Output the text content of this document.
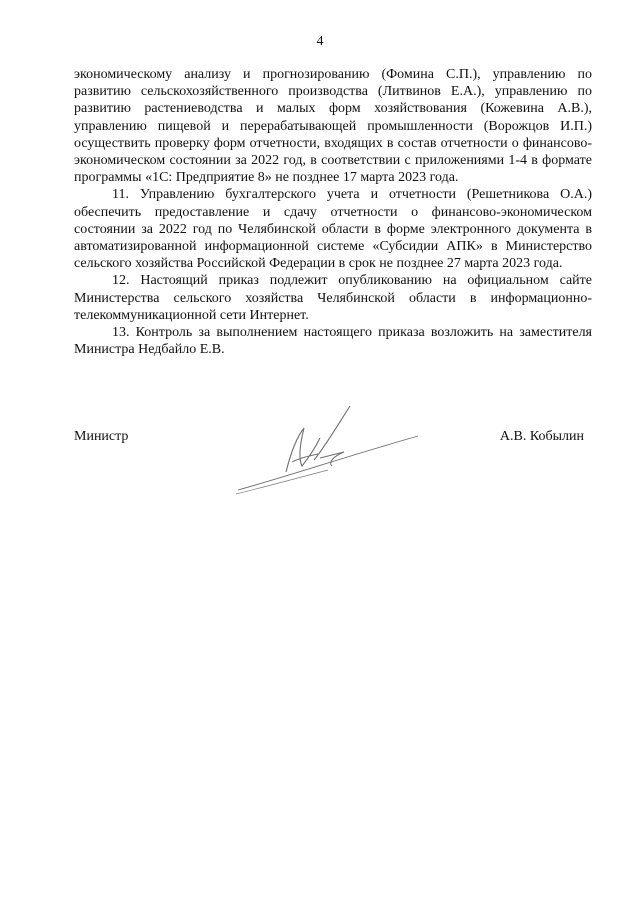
4

экономическому анализу и прогнозированию (Фомина С.П.), управлению по развитию сельскохозяйственного производства (Литвинов Е.А.), управлению по развитию растениеводства и малых форм хозяйствования (Кожевина А.В.), управлению пищевой и перерабатывающей промышленности (Ворожцов И.П.) осуществить проверку форм отчетности, входящих в состав отчетности о финансово-экономическом состоянии за 2022 год, в соответствии с приложениями 1-4 в формате программы «1С: Предприятие 8» не позднее 17 марта 2023 года.

11. Управлению бухгалтерского учета и отчетности (Решетникова О.А.) обеспечить предоставление и сдачу отчетности о финансово-экономическом состоянии за 2022 год по Челябинской области в форме электронного документа в автоматизированной информационной системе «Субсидии АПК» в Министерство сельского хозяйства Российской Федерации в срок не позднее 27 марта 2023 года.

12. Настоящий приказ подлежит опубликованию на официальном сайте Министерства сельского хозяйства Челябинской области в информационно-телекоммуникационной сети Интернет.

13. Контроль за выполнением настоящего приказа возложить на заместителя Министра Недбайло Е.В.

Министр	А.В. Кобылин
